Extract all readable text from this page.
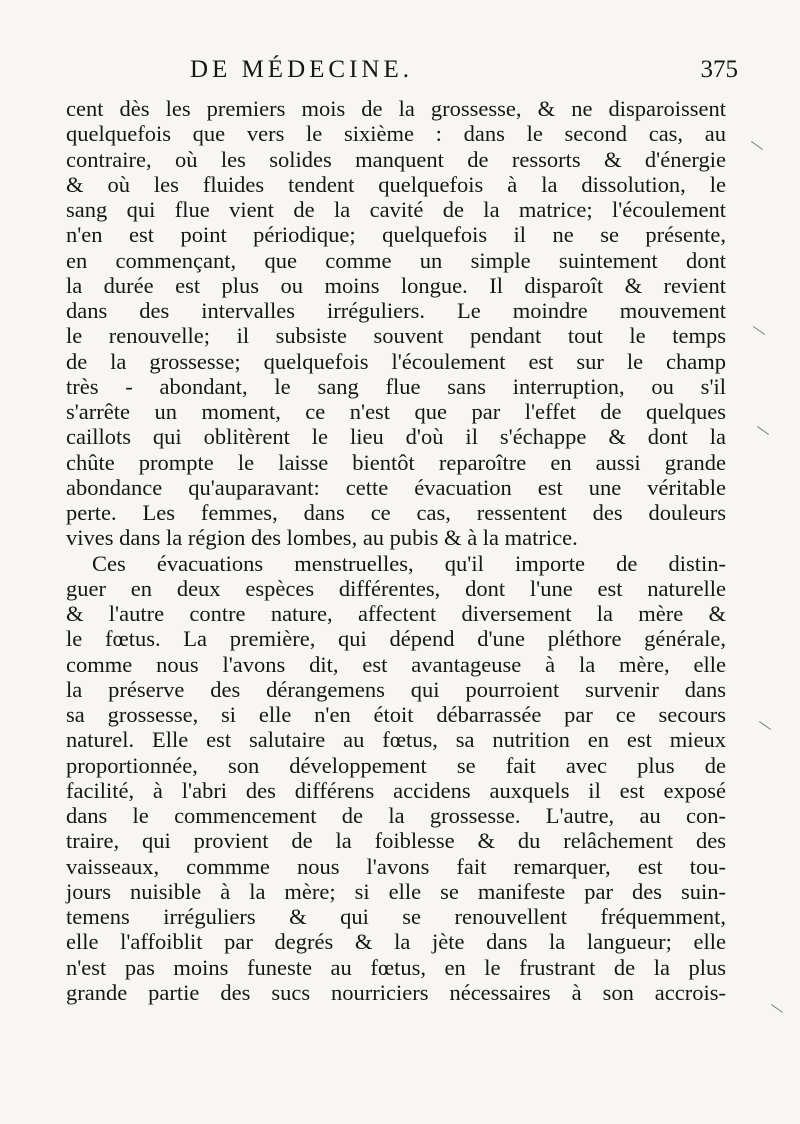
DE MÉDECINE.	375
cent dès les premiers mois de la grossesse, & ne disparoissent
quelquefois que vers le sixième : dans le second cas, au
contraire, où les solides manquent de ressorts & d'énergie
& où les fluides tendent quelquefois à la dissolution, le
sang qui flue vient de la cavité de la matrice; l'écoulement
n'en est point périodique; quelquefois il ne se présente,
en commençant, que comme un simple suintement dont
la durée est plus ou moins longue. Il disparoît & revient
dans des intervalles irréguliers. Le moindre mouvement
le renouvelle; il subsiste souvent pendant tout le temps
de la grossesse; quelquefois l'écoulement est sur le champ
très - abondant, le sang flue sans interruption, ou s'il
s'arrête un moment, ce n'est que par l'effet de quelques
caillots qui oblitèrent le lieu d'où il s'échappe & dont la
chûte prompte le laisse bientôt reparoître en aussi grande
abondance qu'auparavant: cette évacuation est une véritable
perte. Les femmes, dans ce cas, ressentent des douleurs
vives dans la région des lombes, au pubis & à la matrice.
Ces évacuations menstruelles, qu'il importe de distin-
guer en deux espèces différentes, dont l'une est naturelle
& l'autre contre nature, affectent diversement la mère &
le fœtus. La première, qui dépend d'une pléthore générale,
comme nous l'avons dit, est avantageuse à la mère, elle
la préserve des dérangemens qui pourroient survenir dans
sa grossesse, si elle n'en étoit débarrassée par ce secours
naturel. Elle est salutaire au fœtus, sa nutrition en est mieux
proportionnée, son développement se fait avec plus de
facilité, à l'abri des différens accidens auxquels il est exposé
dans le commencement de la grossesse. L'autre, au con-
traire, qui provient de la foiblesse & du relâchement des
vaisseaux, commme nous l'avons fait remarquer, est tou-
jours nuisible à la mère; si elle se manifeste par des suin-
temens irréguliers & qui se renouvellent fréquemment,
elle l'affoiblit par degrés & la jète dans la langueur; elle
n'est pas moins funeste au fœtus, en le frustrant de la plus
grande partie des sucs nourriciers nécessaires à son accrois-
